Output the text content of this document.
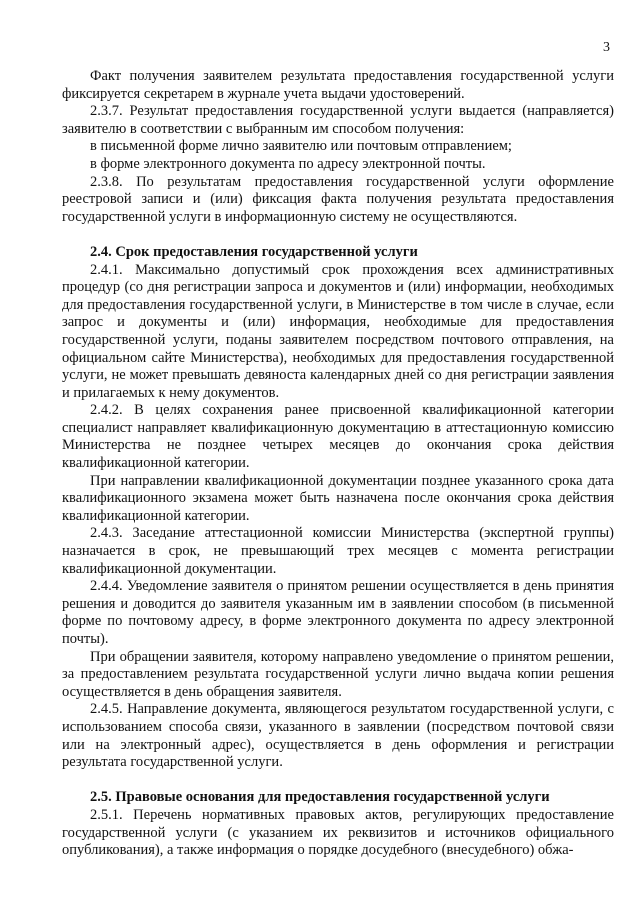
3
Факт получения заявителем результата предоставления государственной услуги фиксируется секретарем в журнале учета выдачи удостоверений.
2.3.7. Результат предоставления государственной услуги выдается (направляется) заявителю в соответствии с выбранным им способом получения:
в письменной форме лично заявителю или почтовым отправлением;
в форме электронного документа по адресу электронной почты.
2.3.8. По результатам предоставления государственной услуги оформление реестровой записи и (или) фиксация факта получения результата предоставления государственной услуги в информационную систему не осуществляются.
2.4. Срок предоставления государственной услуги
2.4.1. Максимально допустимый срок прохождения всех административных процедур (со дня регистрации запроса и документов и (или) информации, необходимых для предоставления государственной услуги, в Министерстве в том числе в случае, если запрос и документы и (или) информация, необходимые для предоставления государственной услуги, поданы заявителем посредством почтового отправления, на официальном сайте Министерства), необходимых для предоставления государственной услуги, не может превышать девяноста календарных дней со дня регистрации заявления и прилагаемых к нему документов.
2.4.2. В целях сохранения ранее присвоенной квалификационной категории специалист направляет квалификационную документацию в аттестационную комиссию Министерства не позднее четырех месяцев до окончания срока действия квалификационной категории.
При направлении квалификационной документации позднее указанного срока дата квалификационного экзамена может быть назначена после окончания срока действия квалификационной категории.
2.4.3. Заседание аттестационной комиссии Министерства (экспертной группы) назначается в срок, не превышающий трех месяцев с момента регистрации квалификационной документации.
2.4.4. Уведомление заявителя о принятом решении осуществляется в день принятия решения и доводится до заявителя указанным им в заявлении способом (в письменной форме по почтовому адресу, в форме электронного документа по адресу электронной почты).
При обращении заявителя, которому направлено уведомление о принятом решении, за предоставлением результата государственной услуги лично выдача копии решения осуществляется в день обращения заявителя.
2.4.5. Направление документа, являющегося результатом государственной услуги, с использованием способа связи, указанного в заявлении (посредством почтовой связи или на электронный адрес), осуществляется в день оформления и регистрации результата государственной услуги.
2.5. Правовые основания для предоставления государственной услуги
2.5.1. Перечень нормативных правовых актов, регулирующих предоставление государственной услуги (с указанием их реквизитов и источников официального опубликования), а также информация о порядке досудебного (внесудебного) обжа-
